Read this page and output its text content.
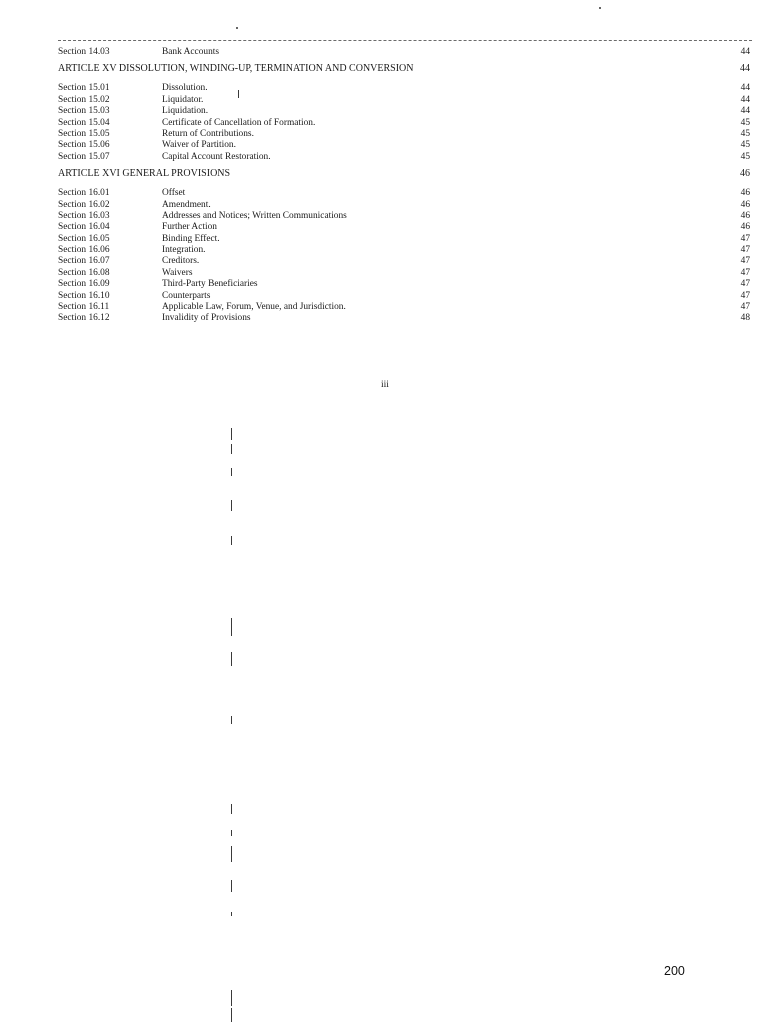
Section 14.03	Bank Accounts	44
ARTICLE XV DISSOLUTION, WINDING-UP, TERMINATION AND CONVERSION	44
Section 15.01	Dissolution.	44
Section 15.02	Liquidator.	44
Section 15.03	Liquidation.	44
Section 15.04	Certificate of Cancellation of Formation.	45
Section 15.05	Return of Contributions.	45
Section 15.06	Waiver of Partition.	45
Section 15.07	Capital Account Restoration.	45
ARTICLE XVI GENERAL PROVISIONS	46
Section 16.01	Offset	46
Section 16.02	Amendment.	46
Section 16.03	Addresses and Notices; Written Communications	46
Section 16.04	Further Action	46
Section 16.05	Binding Effect.	47
Section 16.06	Integration.	47
Section 16.07	Creditors.	47
Section 16.08	Waivers	47
Section 16.09	Third-Party Beneficiaries	47
Section 16.10	Counterparts	47
Section 16.11	Applicable Law, Forum, Venue, and Jurisdiction.	47
Section 16.12	Invalidity of Provisions	48
iii
200
